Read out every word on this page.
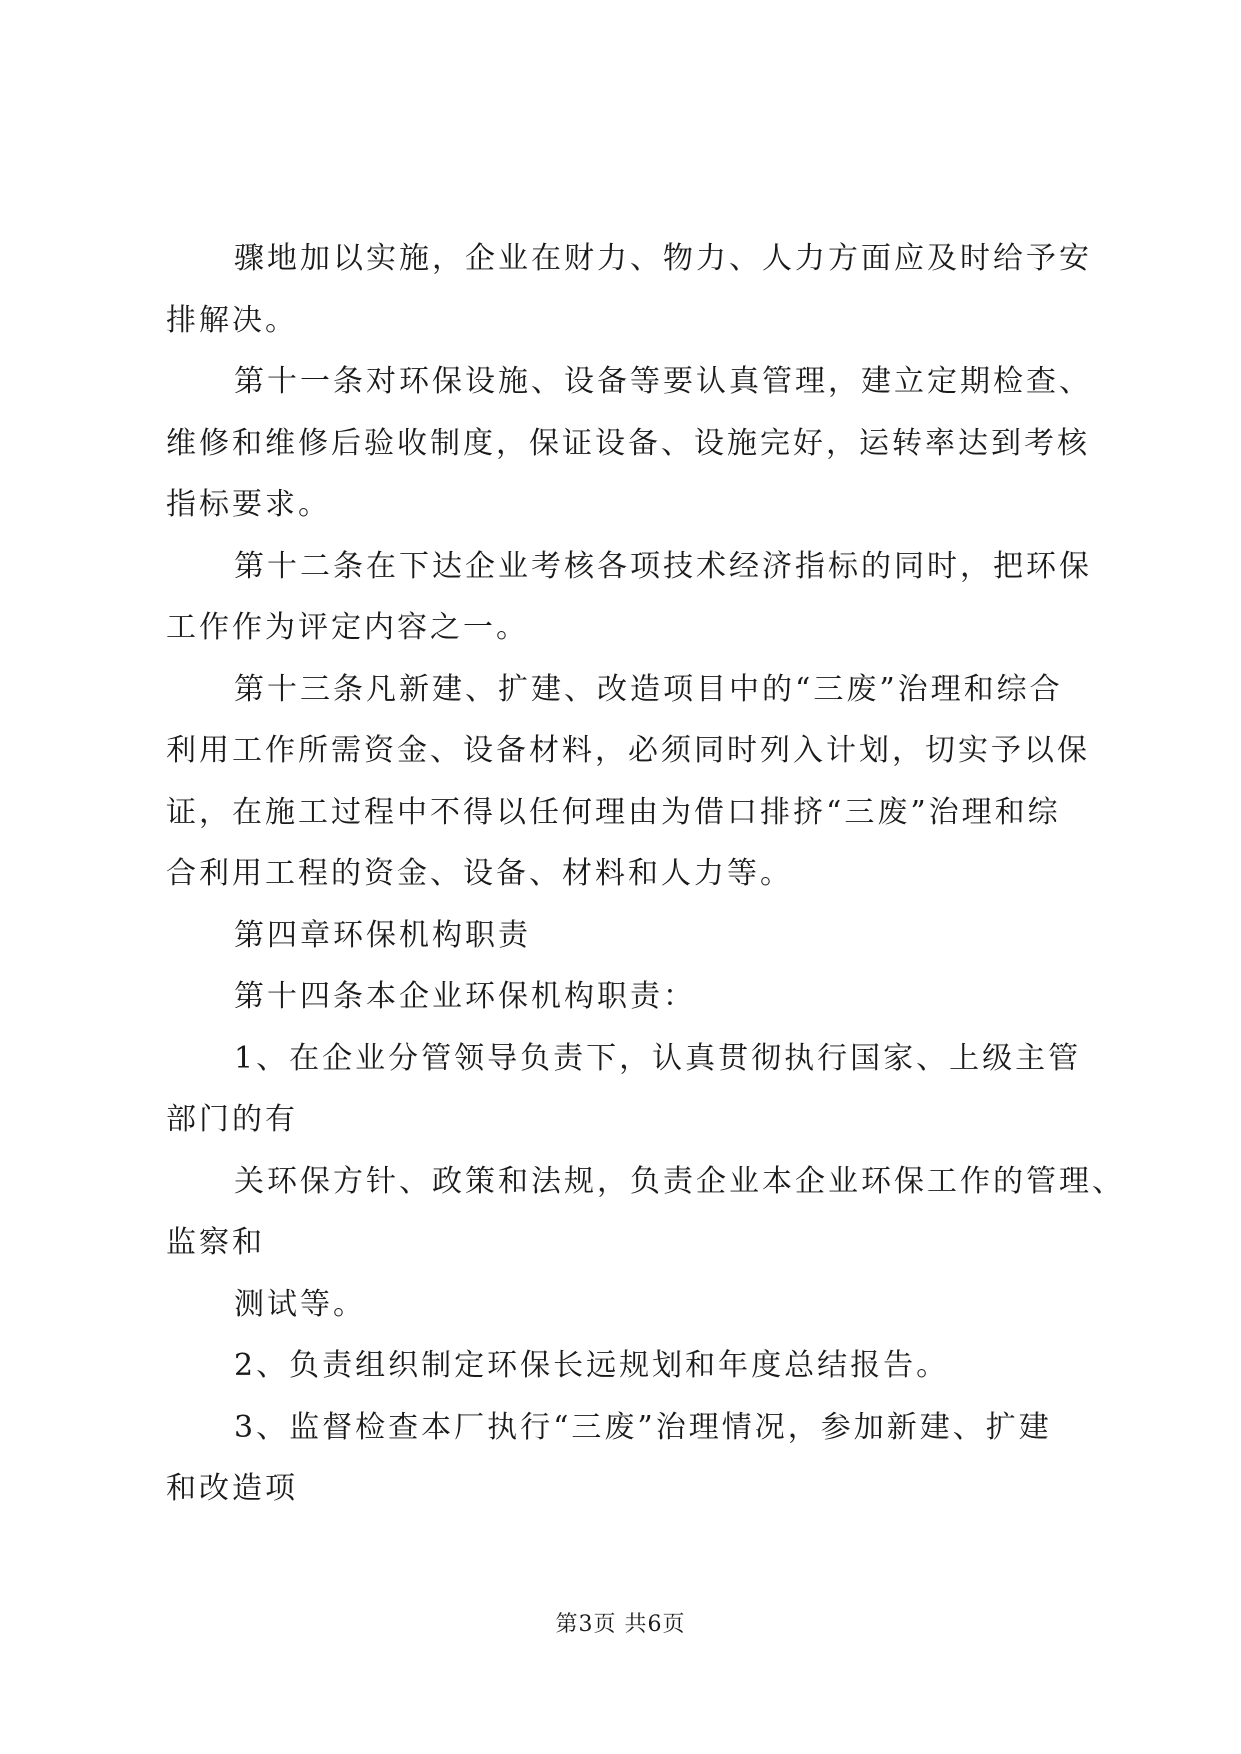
骤地加以实施，企业在财力、物力、人力方面应及时给予安
排解决。
第十一条对环保设施、设备等要认真管理，建立定期检查、
维修和维修后验收制度，保证设备、设施完好，运转率达到考核
指标要求。
第十二条在下达企业考核各项技术经济指标的同时，把环保
工作作为评定内容之一。
第十三条凡新建、扩建、改造项目中的“三废”治理和综合
利用工作所需资金、设备材料，必须同时列入计划，切实予以保
证，在施工过程中不得以任何理由为借口排挤“三废”治理和综
合利用工程的资金、设备、材料和人力等。
第四章环保机构职责
第十四条本企业环保机构职责：
1、在企业分管领导负责下，认真贯彻执行国家、上级主管
部门的有
关环保方针、政策和法规，负责企业本企业环保工作的管理、
监察和
测试等。
2、负责组织制定环保长远规划和年度总结报告。
3、监督检查本厂执行“三废”治理情况，参加新建、扩建
和改造项
第3页 共6页
